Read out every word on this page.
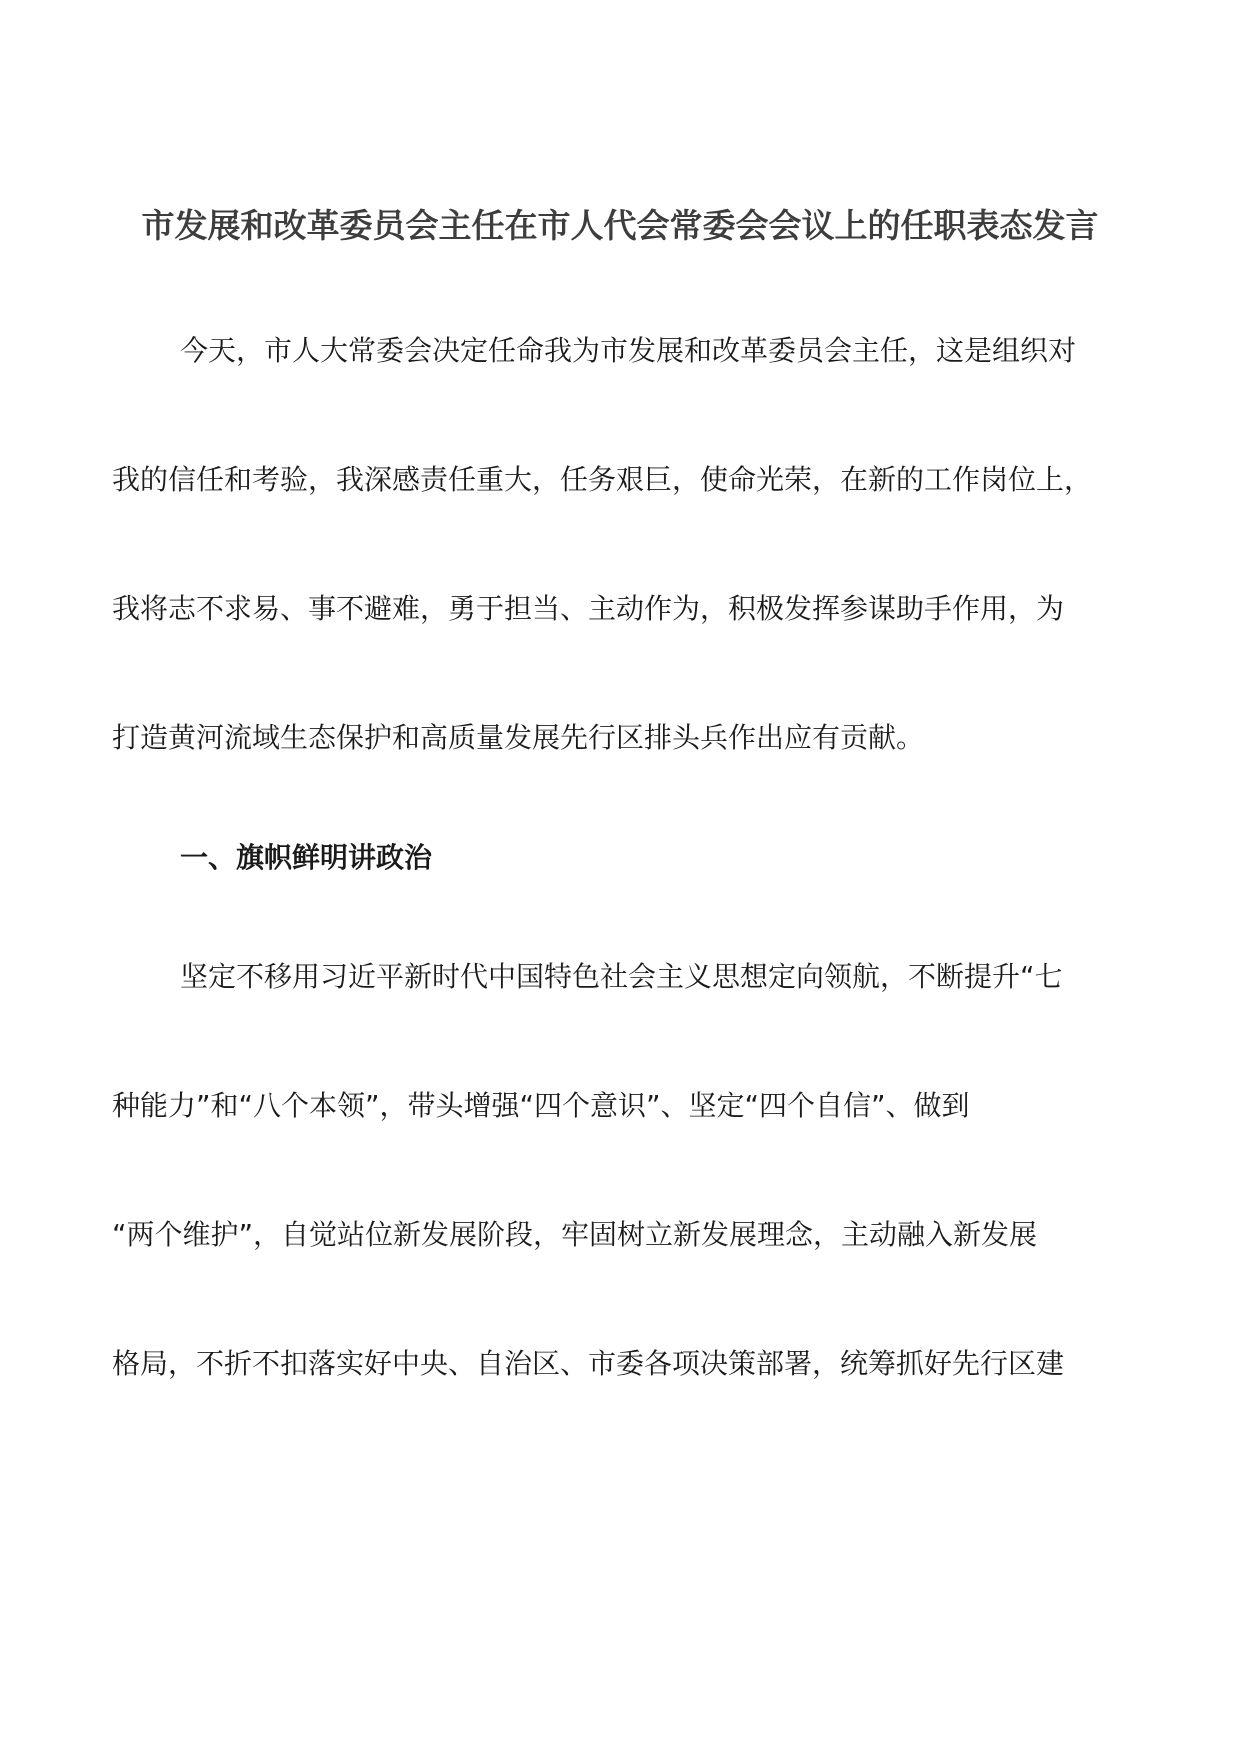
市发展和改革委员会主任在市人代会常委会会议上的任职表态发言
今天，市人大常委会决定任命我为市发展和改革委员会主任，这是组织对
我的信任和考验，我深感责任重大，任务艰巨，使命光荣，在新的工作岗位上，
我将志不求易、事不避难，勇于担当、主动作为，积极发挥参谋助手作用，为
打造黄河流域生态保护和高质量发展先行区排头兵作出应有贡献。
一、旗帜鲜明讲政治
坚定不移用习近平新时代中国特色社会主义思想定向领航，不断提升“七
种能力”和“八个本领”，带头增强“四个意识”、坚定“四个自信”、做到
“两个维护”，自觉站位新发展阶段，牢固树立新发展理念，主动融入新发展
格局，不折不扣落实好中央、自治区、市委各项决策部署，统筹抓好先行区建
